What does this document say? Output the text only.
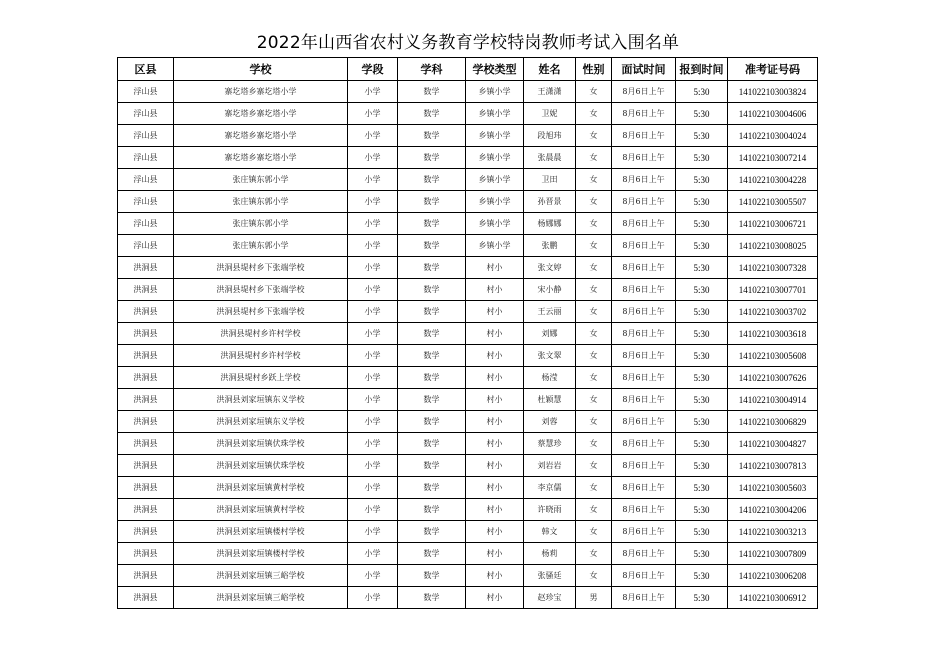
2022年山西省农村义务教育学校特岗教师考试入围名单
区县	学校	学段	学科	学校类型	姓名	性别	面试时间	报到时间	准考证号码
浮山县	寨圪塔乡寨圪塔小学	小学	数学	乡镇小学	王潇潇	女	8月6日上午	5:30	141022103003824
浮山县	寨圪塔乡寨圪塔小学	小学	数学	乡镇小学	卫妮	女	8月6日上午	5:30	141022103004606
浮山县	寨圪塔乡寨圪塔小学	小学	数学	乡镇小学	段旭玮	女	8月6日上午	5:30	141022103004024
浮山县	寨圪塔乡寨圪塔小学	小学	数学	乡镇小学	张晨晨	女	8月6日上午	5:30	141022103007214
浮山县	张庄镇东郭小学	小学	数学	乡镇小学	卫田	女	8月6日上午	5:30	141022103004228
浮山县	张庄镇东郭小学	小学	数学	乡镇小学	孙晋景	女	8月6日上午	5:30	141022103005507
浮山县	张庄镇东郭小学	小学	数学	乡镇小学	杨娜娜	女	8月6日上午	5:30	141022103006721
浮山县	张庄镇东郭小学	小学	数学	乡镇小学	张鹏	女	8月6日上午	5:30	141022103008025
洪洞县	洪洞县堤村乡下张端学校	小学	数学	村小	张文婷	女	8月6日上午	5:30	141022103007328
洪洞县	洪洞县堤村乡下张端学校	小学	数学	村小	宋小静	女	8月6日上午	5:30	141022103007701
洪洞县	洪洞县堤村乡下张端学校	小学	数学	村小	王云丽	女	8月6日上午	5:30	141022103003702
洪洞县	洪洞县堤村乡许村学校	小学	数学	村小	刘娜	女	8月6日上午	5:30	141022103003618
洪洞县	洪洞县堤村乡许村学校	小学	数学	村小	张文翠	女	8月6日上午	5:30	141022103005608
洪洞县	洪洞县堤村乡跃上学校	小学	数学	村小	杨滢	女	8月6日上午	5:30	141022103007626
洪洞县	洪洞县刘家垣镇东义学校	小学	数学	村小	杜颖慧	女	8月6日上午	5:30	141022103004914
洪洞县	洪洞县刘家垣镇东义学校	小学	数学	村小	刘蓉	女	8月6日上午	5:30	141022103006829
洪洞县	洪洞县刘家垣镇伏珠学校	小学	数学	村小	蔡慧珍	女	8月6日上午	5:30	141022103004827
洪洞县	洪洞县刘家垣镇伏珠学校	小学	数学	村小	刘岩岩	女	8月6日上午	5:30	141022103007813
洪洞县	洪洞县刘家垣镇黄村学校	小学	数学	村小	李京儒	女	8月6日上午	5:30	141022103005603
洪洞县	洪洞县刘家垣镇黄村学校	小学	数学	村小	许晓雨	女	8月6日上午	5:30	141022103004206
洪洞县	洪洞县刘家垣镇楼村学校	小学	数学	村小	韩文	女	8月6日上午	5:30	141022103003213
洪洞县	洪洞县刘家垣镇楼村学校	小学	数学	村小	杨莉	女	8月6日上午	5:30	141022103007809
洪洞县	洪洞县刘家垣镇三峪学校	小学	数学	村小	张骚廷	女	8月6日上午	5:30	141022103006208
洪洞县	洪洞县刘家垣镇三峪学校	小学	数学	村小	赵珍宝	男	8月6日上午	5:30	141022103006912
